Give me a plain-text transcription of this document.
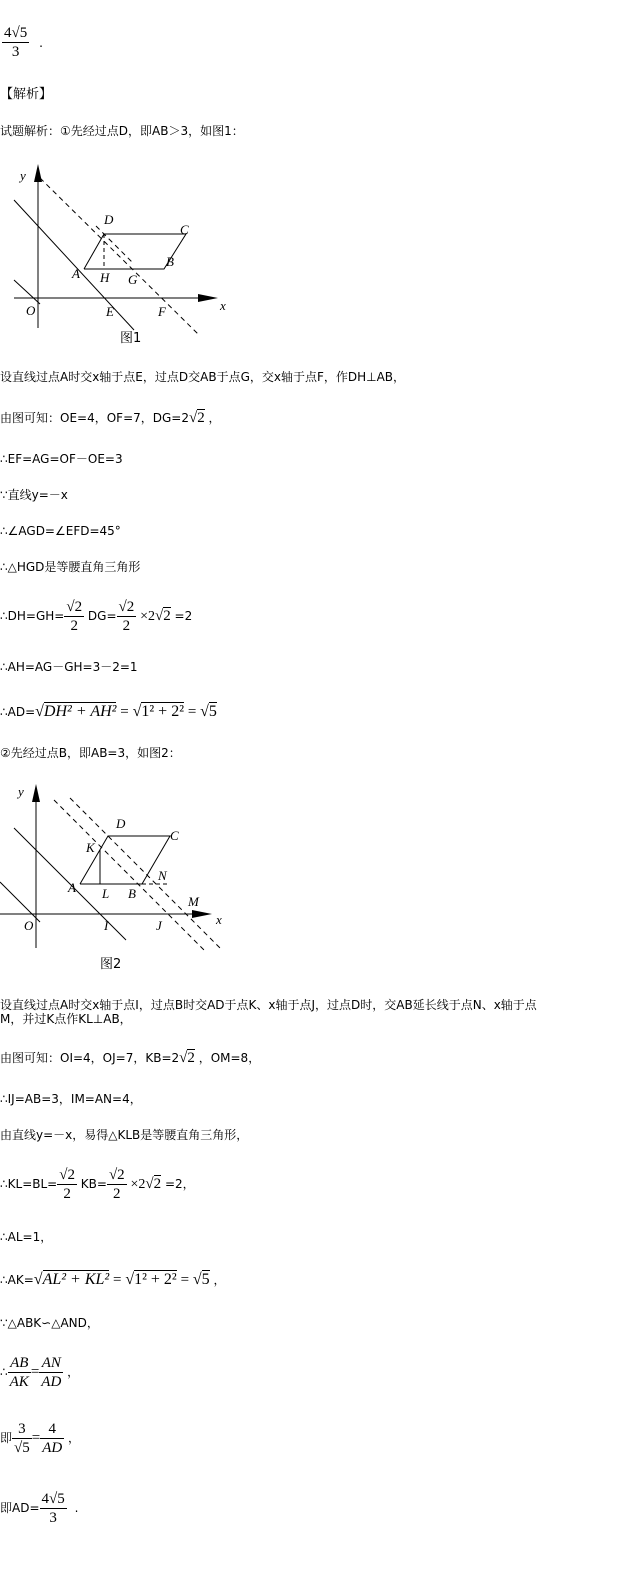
$\frac{4√5}{3}$ .
【解析】
试题解析：①先经过点D，即AB＞3，如图1：
y
x
O	E	F
A
B
C
D
H G
图1
设直线过点A时交x轴于点E，过点D交AB于点G，交x轴于点F，作DH⊥AB，
由图可知：OE=4，OF=7，DG=2√2 ，
∴EF=AG=OF－OE=3
∵直线y=－x
∴∠AGD=∠EFD=45°
∴△HGD是等腰直角三角形
∴DH=GH= $\frac{√2}{2} DG= \frac{√2}{2} \times 2√2 =2$
∴AH=AG－GH=3－2=1
∴AD=√DH² + AH² = √1² + 2² = √5
②先经过点B，即AB=3，如图2：
y
x
O	I	J
M
A	B
C
D
K
L
N
图2
设直线过点A时交x轴于点I，过点B时交AD于点K、x轴于点J，过点D时，交AB延长线于点N、x轴于点
M，并过K点作KL⊥AB，
由图可知：OI=4，OJ=7，KB=2√2 ，OM=8，
∴IJ=AB=3，IM=AN=4，
由直线y=－x，易得△KLB是等腰直角三角形，
∴KL=BL= $\frac{√2}{2} KB= \frac{√2}{2} \times 2√2 =2$，
∴AL=1，
∴AK=√AL² + KL² = √1² + 2² = √5 ，
∵△ABK∽△AND，
∴ $\frac{AB}{AK} = \frac{AN}{AD}$ ，
即 $\frac{3}{√5} = \frac{4}{AD}$ ，
即$AD= \frac{4√5}{3}$ .
